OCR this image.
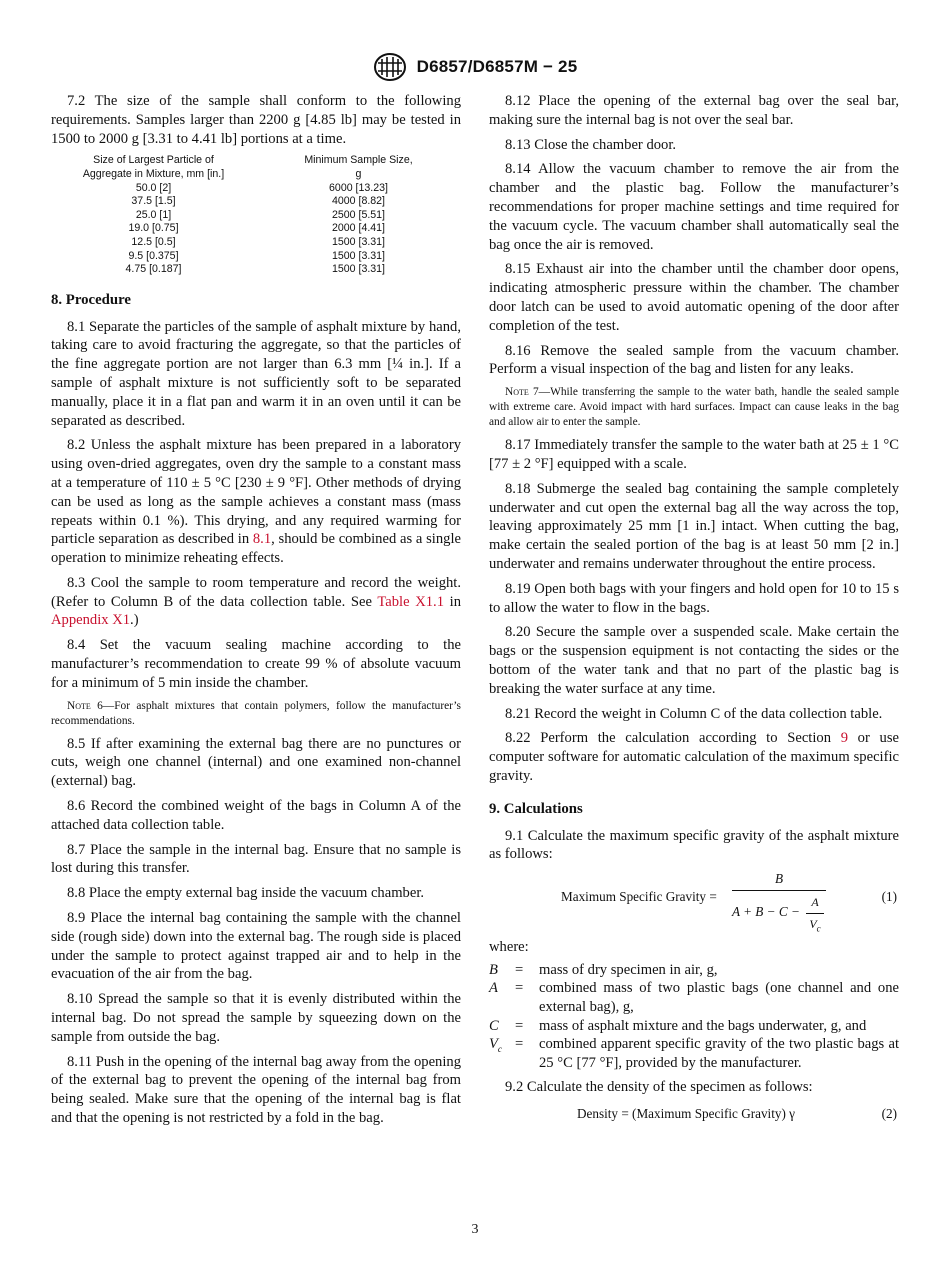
D6857/D6857M − 25

7.2 The size of the sample shall conform to the following requirements. Samples larger than 2200 g [4.85 lb] may be tested in 1500 to 2000 g [3.31 to 4.41 lb] portions at a time.

Size of Largest Particle of
Aggregate in Mixture, mm [in.]	Minimum Sample Size,
g
50.0 [2]	6000 [13.23]
37.5 [1.5]	4000 [8.82]
25.0 [1]	2500 [5.51]
19.0 [0.75]	2000 [4.41]
12.5 [0.5]	1500 [3.31]
9.5 [0.375]	1500 [3.31]
4.75 [0.187]	1500 [3.31]
8. Procedure

8.1 Separate the particles of the sample of asphalt mixture by hand, taking care to avoid fracturing the aggregate, so that the particles of the fine aggregate portion are not larger than 6.3 mm [¼ in.]. If a sample of asphalt mixture is not sufficiently soft to be separated manually, place it in a flat pan and warm it in an oven until it can be separated as described.

8.2 Unless the asphalt mixture has been prepared in a laboratory using oven-dried aggregates, oven dry the sample to a constant mass at a temperature of 110 ± 5 °C [230 ± 9 °F]. Other methods of drying can be used as long as the sample achieves a constant mass (mass repeats within 0.1 %). This drying, and any required warming for particle separation as described in 8.1, should be combined as a single operation to minimize reheating effects.

8.3 Cool the sample to room temperature and record the weight. (Refer to Column B of the data collection table. See Table X1.1 in Appendix X1.)

8.4 Set the vacuum sealing machine according to the manufacturer’s recommendation to create 99 % of absolute vacuum for a minimum of 5 min inside the chamber.

Note 6—For asphalt mixtures that contain polymers, follow the manufacturer’s recommendations.

8.5 If after examining the external bag there are no punctures or cuts, weigh one channel (internal) and one examined non-channel (external) bag.

8.6 Record the combined weight of the bags in Column A of the attached data collection table.

8.7 Place the sample in the internal bag. Ensure that no sample is lost during this transfer.

8.8 Place the empty external bag inside the vacuum chamber.

8.9 Place the internal bag containing the sample with the channel side (rough side) down into the external bag. The rough side is placed under the sample to protect against trapped air and to help in the evacuation of the air from the bag.

8.10 Spread the sample so that it is evenly distributed within the internal bag. Do not spread the sample by squeezing down on the sample from outside the bag.

8.11 Push in the opening of the internal bag away from the opening of the external bag to prevent the opening of the internal bag from being sealed. Make sure that the opening of the internal bag is flat and that the opening is not restricted by a fold in the bag.

8.12 Place the opening of the external bag over the seal bar, making sure the internal bag is not over the seal bar.

8.13 Close the chamber door.

8.14 Allow the vacuum chamber to remove the air from the chamber and the plastic bag. Follow the manufacturer’s recommendations for proper machine settings and time required for the vacuum cycle. The vacuum chamber shall automatically seal the bag once the air is removed.

8.15 Exhaust air into the chamber until the chamber door opens, indicating atmospheric pressure within the chamber. The chamber door latch can be used to avoid automatic opening of the door after completion of the test.

8.16 Remove the sealed sample from the vacuum chamber. Perform a visual inspection of the bag and listen for any leaks.

Note 7—While transferring the sample to the water bath, handle the sealed sample with extreme care. Avoid impact with hard surfaces. Impact can cause leaks in the bag and allow air to enter the sample.

8.17 Immediately transfer the sample to the water bath at 25 ± 1 °C [77 ± 2 °F] equipped with a scale.

8.18 Submerge the sealed bag containing the sample completely underwater and cut open the external bag all the way across the top, leaving approximately 25 mm [1 in.] intact. When cutting the bag, make certain the sealed portion of the bag is at least 50 mm [2 in.] underwater and remains underwater throughout the entire process.

8.19 Open both bags with your fingers and hold open for 10 to 15 s to allow the water to flow in the bags.

8.20 Secure the sample over a suspended scale. Make certain the bags or the suspension equipment is not contacting the sides or the bottom of the water tank and that no part of the plastic bag is breaking the water surface at any time.

8.21 Record the weight in Column C of the data collection table.

8.22 Perform the calculation according to Section 9 or use computer software for automatic calculation of the maximum specific gravity.

9. Calculations

9.1 Calculate the maximum specific gravity of the asphalt mixture as follows:

Maximum Specific Gravity =
B
A + B − C −
A
$V_c$
(1)
where:
B	=	mass of dry specimen in air, g,
A	=	combined mass of two plastic bags (one channel and one external bag), g,
C	=	mass of asphalt mixture and the bags underwater, g, and
$V_c$	=	combined apparent specific gravity of the two plastic bags at 25 °C [77 °F], provided by the manufacturer.

9.2 Calculate the density of the specimen as follows:

Density = (Maximum Specific Gravity) γ	(2)
3
